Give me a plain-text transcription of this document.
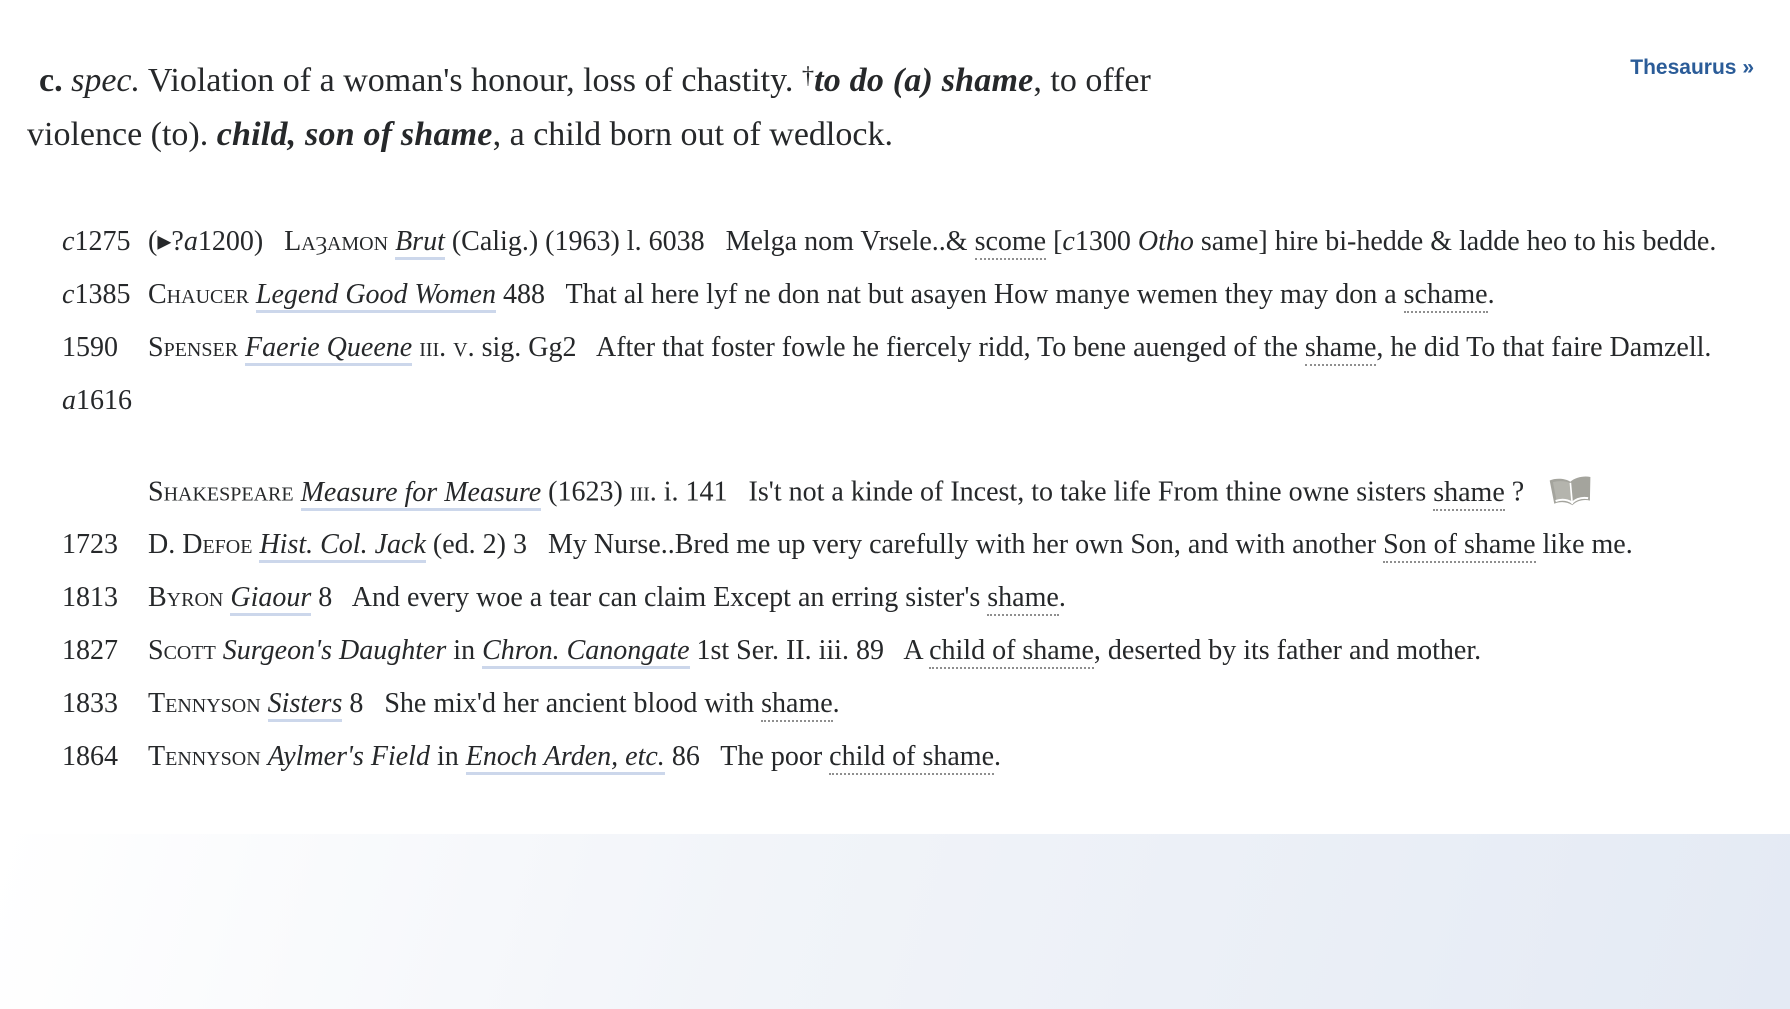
Thesaurus »

c. spec. Violation of a woman's honour, loss of chastity. †to do (a) shame, to offer violence (to). child, son of shame, a child born out of wedlock.

c1275 (▸?a1200)   Laȝamon Brut (Calig.) (1963) l. 6038   Melga nom Vrsele..& scome [c1300 Otho same] hire bi-hedde & ladde heo to his bedde.
c1385 Chaucer Legend Good Women 488   That al here lyf ne don nat but asayen How manye wemen they may don a schame.
1590	Spenser Faerie Queene iii. v. sig. Gg2   After that foster fowle he fiercely ridd, To bene auenged of the shame, he did To that faire Damzell.
a1616
Shakespeare Measure for Measure (1623) iii. i. 141   Is't not a kinde of Incest, to take life From thine owne sisters shame ?

1723	D. Defoe Hist. Col. Jack (ed. 2) 3   My Nurse..Bred me up very carefully with her own Son, and with another Son of shame like me.
1813	Byron Giaour 8   And every woe a tear can claim Except an erring sister's shame.
1827	Scott Surgeon's Daughter in Chron. Canongate 1st Ser. II. iii. 89   A child of shame, deserted by its father and mother.
1833	Tennyson Sisters 8   She mix'd her ancient blood with shame.
1864	Tennyson Aylmer's Field in Enoch Arden, etc. 86   The poor child of shame.
